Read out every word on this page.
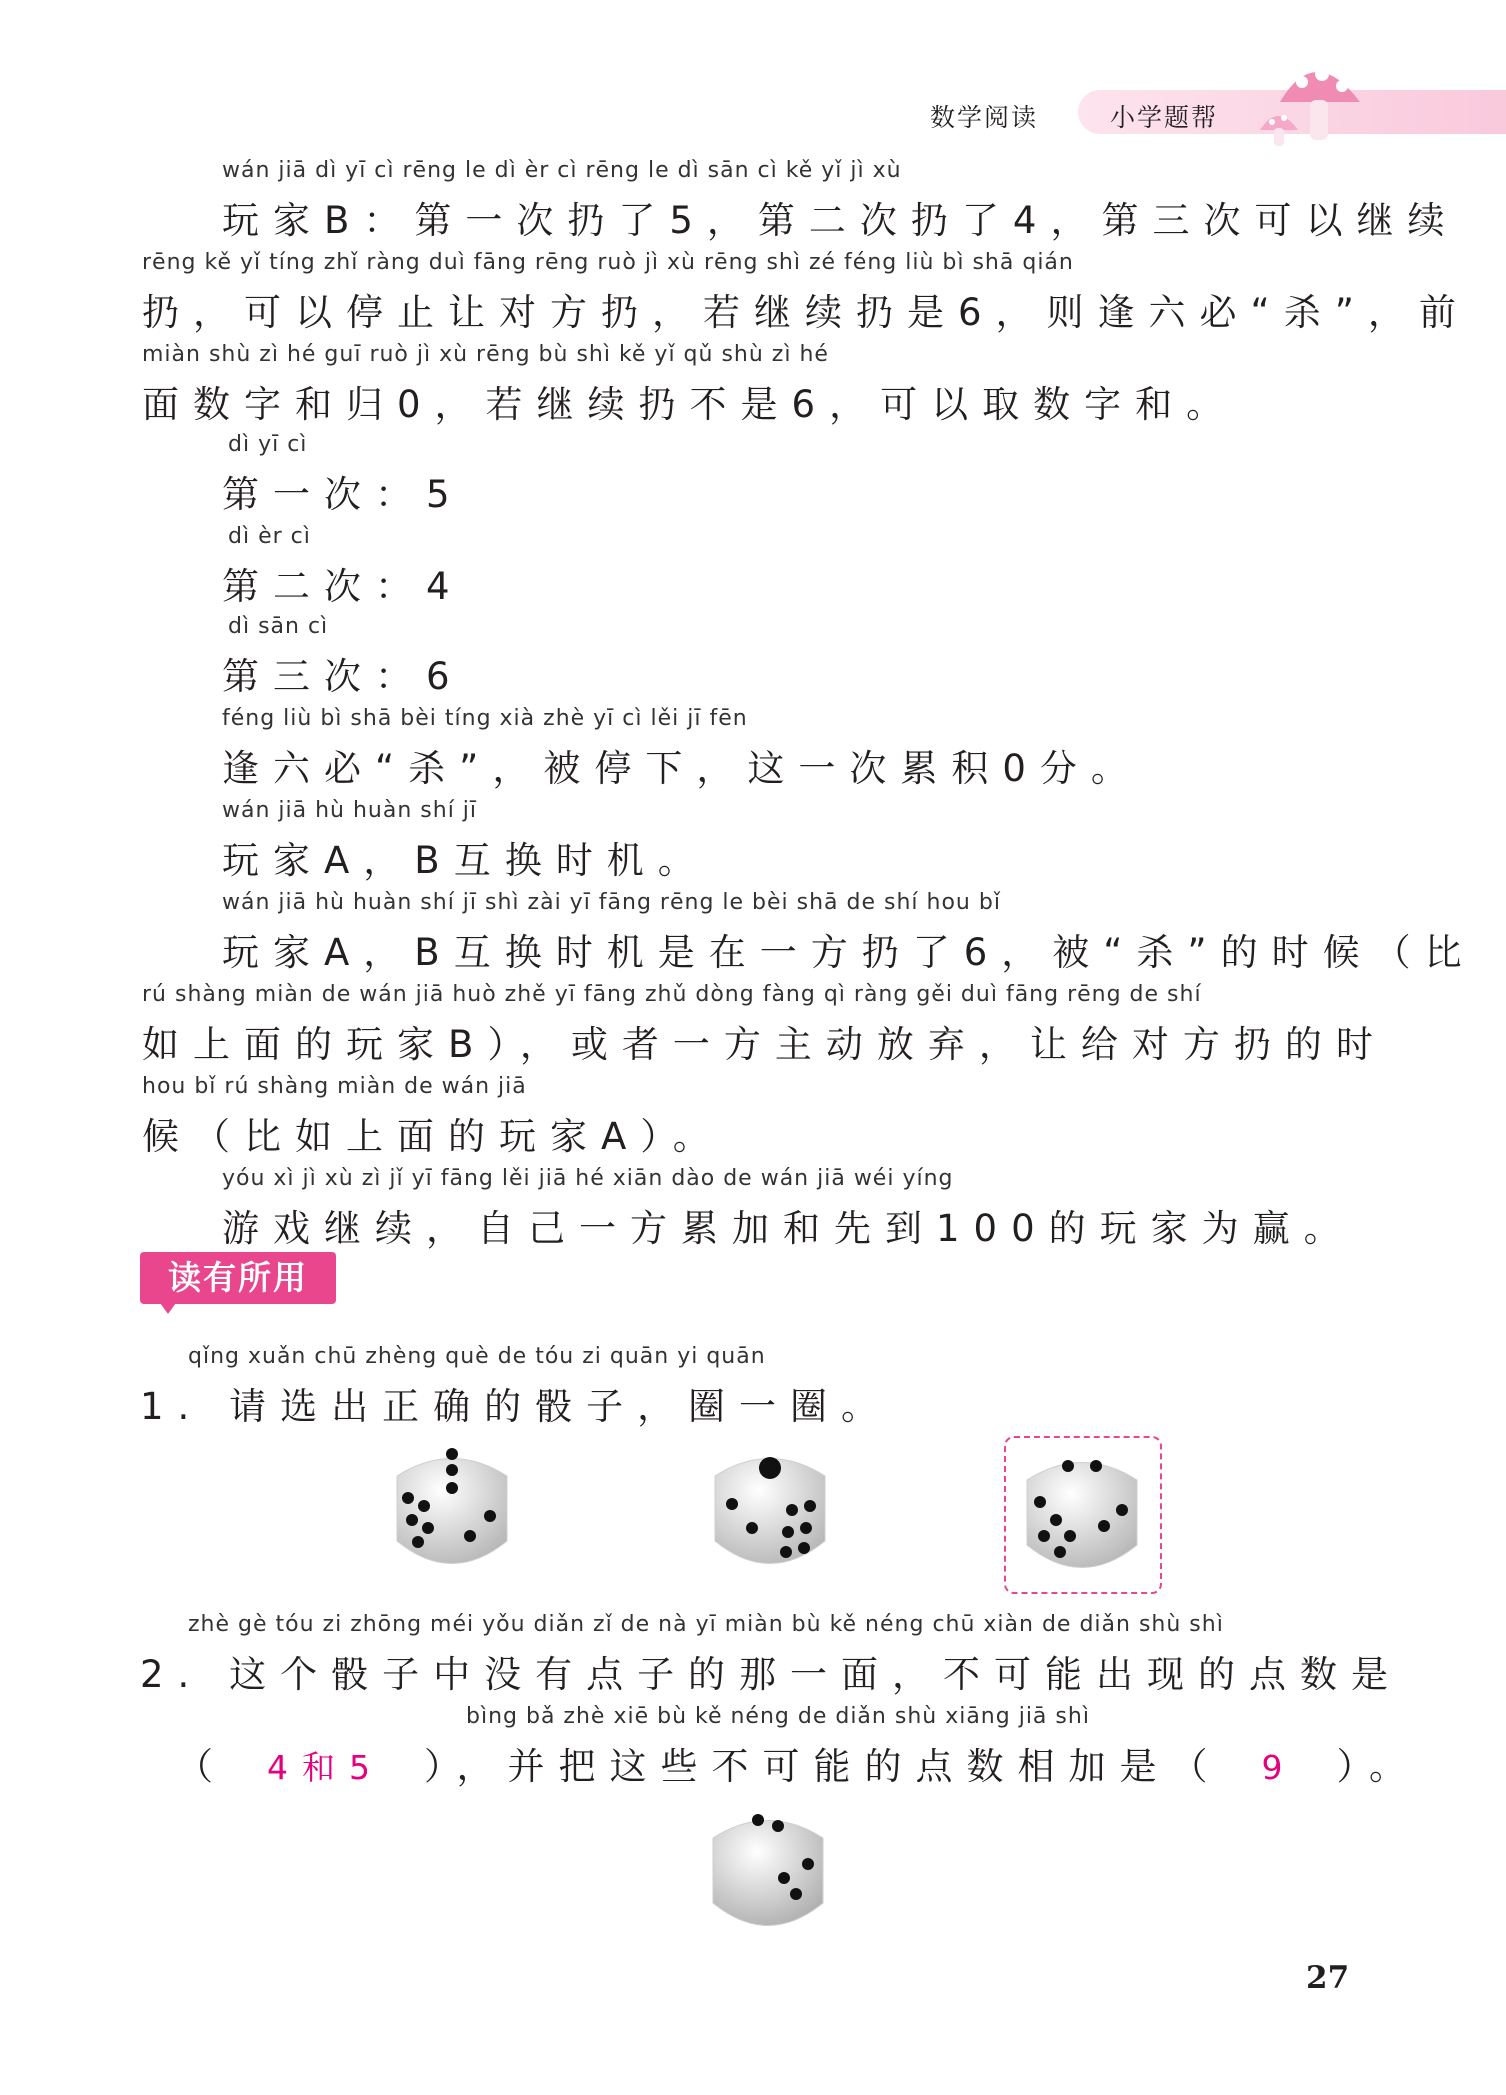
数学阅读	小学题帮
wán jiā dì yī cì rēng le dì èr cì rēng le dì sān cì kě yǐ jì xù
玩家B：第一次扔了5，第二次扔了4，第三次可以继续
rēng kě yǐ tíng zhǐ ràng duì fāng rēng ruò jì xù rēng shì zé féng liù bì shā qián
扔，可以停止让对方扔，若继续扔是6，则逢六必“杀”，前
miàn shù zì hé guī ruò jì xù rēng bù shì kě yǐ qǔ shù zì hé
面数字和归0，若继续扔不是6，可以取数字和。
dì yī cì
第一次：5
dì èr cì
第二次：4
dì sān cì
第三次：6
féng liù bì shā bèi tíng xià zhè yī cì lěi jī fēn
逢六必“杀”，被停下，这一次累积0分。
wán jiā hù huàn shí jī
玩家A，B互换时机。
wán jiā hù huàn shí jī shì zài yī fāng rēng le bèi shā de shí hou bǐ
玩家A，B互换时机是在一方扔了6，被“杀”的时候（比
rú shàng miàn de wán jiā huò zhě yī fāng zhǔ dòng fàng qì ràng gěi duì fāng rēng de shí
如上面的玩家B），或者一方主动放弃，让给对方扔的时
hou bǐ rú shàng miàn de wán jiā
候（比如上面的玩家A）。
yóu xì jì xù zì jǐ yī fāng lěi jiā hé xiān dào de wán jiā wéi yíng
游戏继续，自己一方累加和先到100的玩家为赢。
读有所用
qǐng xuǎn chū zhèng què de tóu zi quān yi quān
1. 请选出正确的骰子，圈一圈。
zhè gè tóu zi zhōng méi yǒu diǎn zǐ de nà yī miàn bù kě néng chū xiàn de diǎn shù shì
2. 这个骰子中没有点子的那一面，不可能出现的点数是
bìng bǎ zhè xiē bù kě néng de diǎn shù xiāng jiā shì
（ 4和5 ），并把这些不可能的点数相加是（ 9 ）。
27
